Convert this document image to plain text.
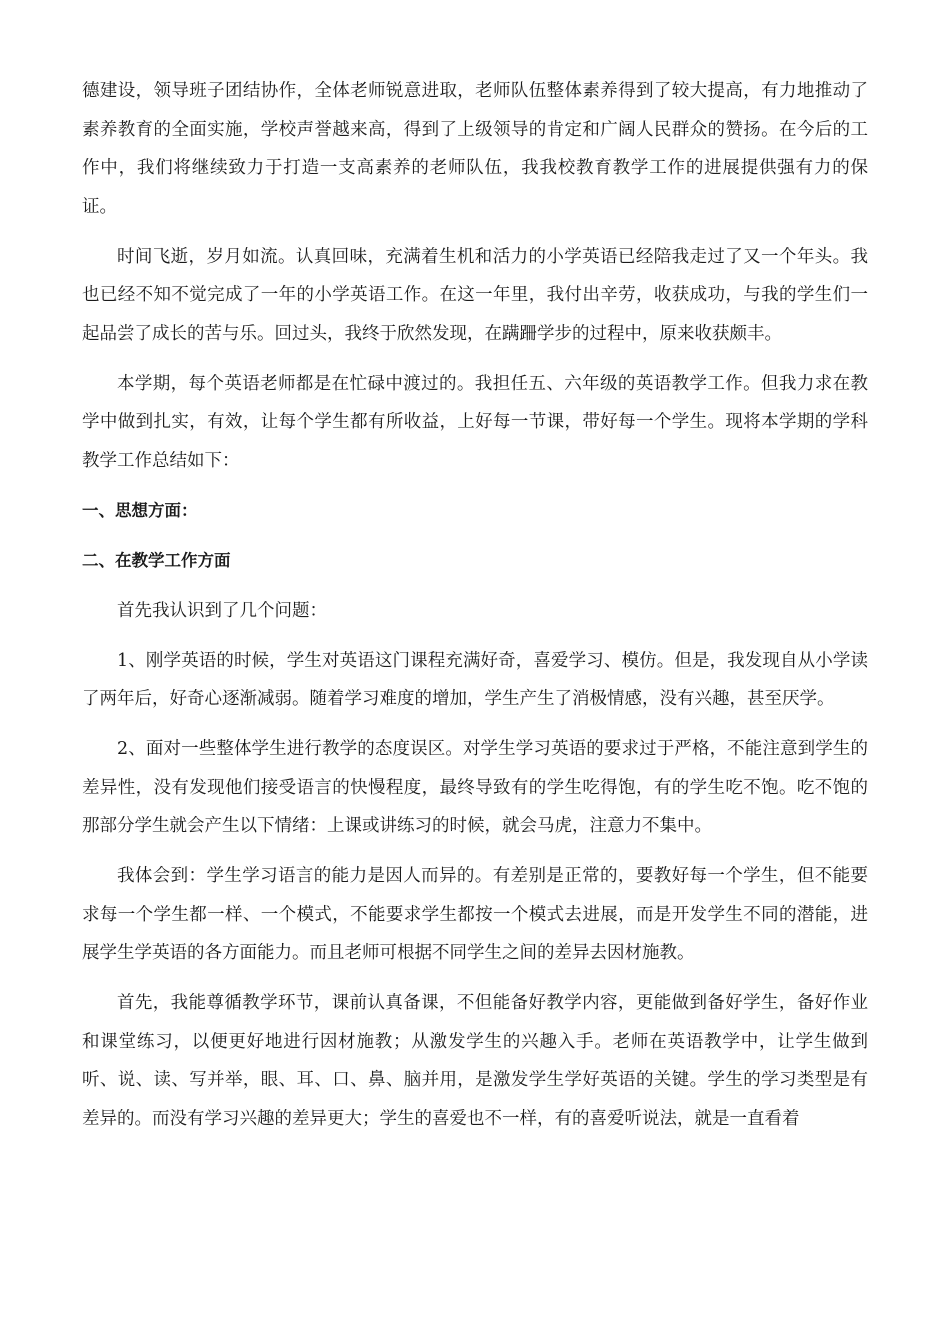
德建设，领导班子团结协作，全体老师锐意进取，老师队伍整体素养得到了较大提高，有力地推动了素养教育的全面实施，学校声誉越来高，得到了上级领导的肯定和广阔人民群众的赞扬。在今后的工作中，我们将继续致力于打造一支高素养的老师队伍，我我校教育教学工作的进展提供强有力的保证。

时间飞逝，岁月如流。认真回味，充满着生机和活力的小学英语已经陪我走过了又一个年头。我也已经不知不觉完成了一年的小学英语工作。在这一年里，我付出辛劳，收获成功，与我的学生们一起品尝了成长的苦与乐。回过头，我终于欣然发现，在蹒跚学步的过程中，原来收获颇丰。

本学期，每个英语老师都是在忙碌中渡过的。我担任五、六年级的英语教学工作。但我力求在教学中做到扎实，有效，让每个学生都有所收益，上好每一节课，带好每一个学生。现将本学期的学科教学工作总结如下：

一、思想方面：

二、在教学工作方面

首先我认识到了几个问题：

1、刚学英语的时候，学生对英语这门课程充满好奇，喜爱学习、模仿。但是，我发现自从小学读了两年后，好奇心逐渐减弱。随着学习难度的增加，学生产生了消极情感，没有兴趣，甚至厌学。

2、面对一些整体学生进行教学的态度误区。对学生学习英语的要求过于严格，不能注意到学生的差异性，没有发现他们接受语言的快慢程度，最终导致有的学生吃得饱，有的学生吃不饱。吃不饱的那部分学生就会产生以下情绪：上课或讲练习的时候，就会马虎，注意力不集中。

我体会到：学生学习语言的能力是因人而异的。有差别是正常的，要教好每一个学生，但不能要求每一个学生都一样、一个模式，不能要求学生都按一个模式去进展，而是开发学生不同的潜能，进展学生学英语的各方面能力。而且老师可根据不同学生之间的差异去因材施教。

首先，我能尊循教学环节，课前认真备课，不但能备好教学内容，更能做到备好学生，备好作业和课堂练习，以便更好地进行因材施教；从激发学生的兴趣入手。老师在英语教学中，让学生做到听、说、读、写并举，眼、耳、口、鼻、脑并用，是激发学生学好英语的关键。学生的学习类型是有差异的。而没有学习兴趣的差异更大；学生的喜爱也不一样，有的喜爱听说法，就是一直看着
